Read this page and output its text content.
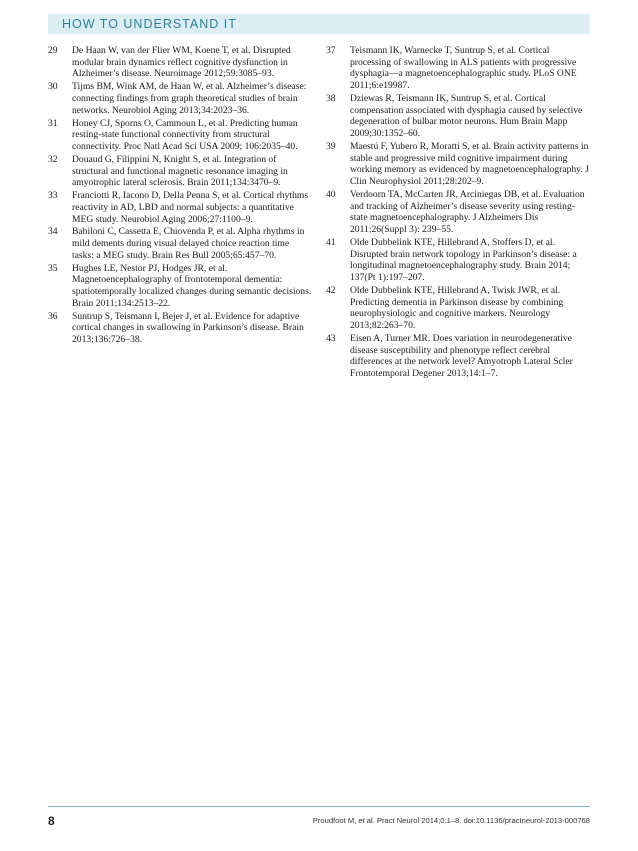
HOW TO UNDERSTAND IT
29 De Haan W, van der Flier WM, Koene T, et al. Disrupted modular brain dynamics reflect cognitive dysfunction in Alzheimer’s disease. Neuroimage 2012;59:3085–93.
30 Tijms BM, Wink AM, de Haan W, et al. Alzheimer’s disease: connecting findings from graph theoretical studies of brain networks. Neurobiol Aging 2013;34:2023–36.
31 Honey CJ, Sporns O, Cammoun L, et al. Predicting human resting-state functional connectivity from structural connectivity. Proc Natl Acad Sci USA 2009; 106:2035–40.
32 Douaud G, Filippini N, Knight S, et al. Integration of structural and functional magnetic resonance imaging in amyotrophic lateral sclerosis. Brain 2011;134:3470–9.
33 Franciotti R, Iacono D, Della Penna S, et al. Cortical rhythms reactivity in AD, LBD and normal subjects: a quantitative MEG study. Neurobiol Aging 2006;27:1100–9.
34 Babiloni C, Cassetta E, Chiovenda P, et al. Alpha rhythms in mild dements during visual delayed choice reaction time tasks: a MEG study. Brain Res Bull 2005;65:457–70.
35 Hughes LE, Nestor PJ, Hodges JR, et al. Magnetoencephalography of frontotemporal dementia: spatiotemporally localized changes during semantic decisions. Brain 2011;134:2513–22.
36 Suntrup S, Teismann I, Bejer J, et al. Evidence for adaptive cortical changes in swallowing in Parkinson’s disease. Brain 2013;136:726–38.
37 Teismann IK, Warnecke T, Suntrup S, et al. Cortical processing of swallowing in ALS patients with progressive dysphagia—a magnetoencephalographic study. PLoS ONE 2011;6:e19987.
38 Dziewas R, Teismann IK, Suntrup S, et al. Cortical compensation associated with dysphagia caused by selective degeneration of bulbar motor neurons. Hum Brain Mapp 2009;30:1352–60.
39 Maestú F, Yubero R, Moratti S, et al. Brain activity patterns in stable and progressive mild cognitive impairment during working memory as evidenced by magnetoencephalography. J Clin Neurophysiol 2011;28:202–9.
40 Verdoorn TA, McCarten JR, Arciniegas DB, et al. Evaluation and tracking of Alzheimer’s disease severity using resting-state magnetoencephalography. J Alzheimers Dis 2011;26(Suppl 3): 239–55.
41 Olde Dubbelink KTE, Hillebrand A, Stoffers D, et al. Disrupted brain network topology in Parkinson’s disease: a longitudinal magnetoencephalography study. Brain 2014; 137(Pt 1):197–207.
42 Olde Dubbelink KTE, Hillebrand A, Twisk JWR, et al. Predicting dementia in Parkinson disease by combining neurophysiologic and cognitive markers. Neurology 2013;82:263–70.
43 Eisen A, Turner MR. Does variation in neurodegenerative disease susceptibility and phenotype reflect cerebral differences at the network level? Amyotroph Lateral Scler Frontotemporal Degener 2013;14:1–7.
8	Proudfoot M, et al. Pract Neurol 2014;0:1–8. doi:10.1136/practneurol-2013-000768
